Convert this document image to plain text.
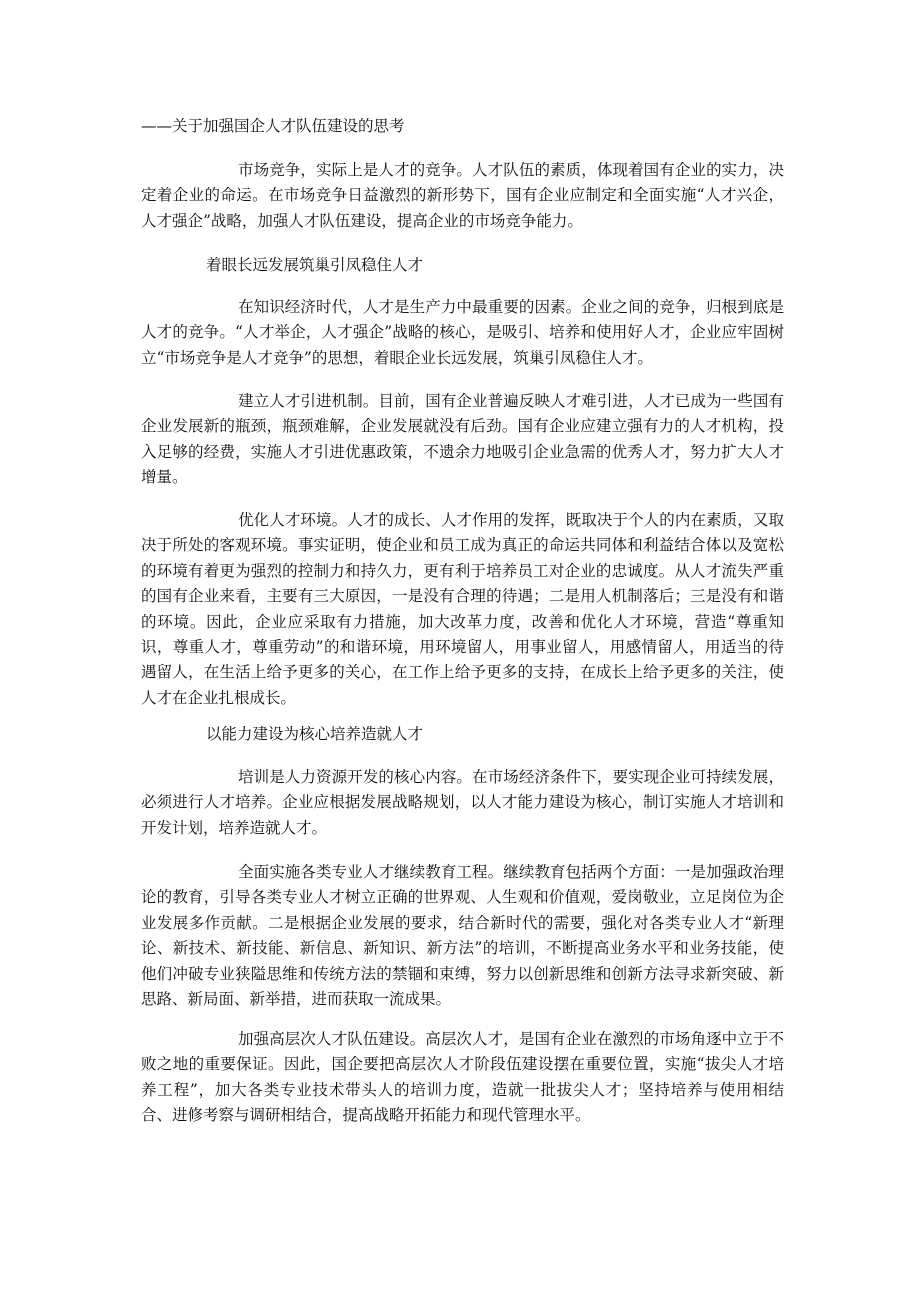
——关于加强国企人才队伍建设的思考

市场竞争，实际上是人才的竞争。人才队伍的素质，体现着国有企业的实力，决定着企业的命运。在市场竞争日益激烈的新形势下，国有企业应制定和全面实施“人才兴企，人才强企”战略，加强人才队伍建设，提高企业的市场竞争能力。

着眼长远发展筑巢引凤稳住人才

在知识经济时代，人才是生产力中最重要的因素。企业之间的竞争，归根到底是人才的竞争。“人才举企，人才强企”战略的核心，是吸引、培养和使用好人才，企业应牢固树立“市场竞争是人才竞争”的思想，着眼企业长远发展，筑巢引凤稳住人才。

建立人才引进机制。目前，国有企业普遍反映人才难引进，人才已成为一些国有企业发展新的瓶颈，瓶颈难解，企业发展就没有后劲。国有企业应建立强有力的人才机构，投入足够的经费，实施人才引进优惠政策，不遗余力地吸引企业急需的优秀人才，努力扩大人才增量。

优化人才环境。人才的成长、人才作用的发挥，既取决于个人的内在素质，又取决于所处的客观环境。事实证明，使企业和员工成为真正的命运共同体和利益结合体以及宽松的环境有着更为强烈的控制力和持久力，更有利于培养员工对企业的忠诚度。从人才流失严重的国有企业来看，主要有三大原因，一是没有合理的待遇；二是用人机制落后；三是没有和谐的环境。因此，企业应采取有力措施，加大改革力度，改善和优化人才环境，营造“尊重知识，尊重人才，尊重劳动”的和谐环境，用环境留人，用事业留人，用感情留人，用适当的待遇留人，在生活上给予更多的关心，在工作上给予更多的支持，在成长上给予更多的关注，使人才在企业扎根成长。

以能力建设为核心培养造就人才

培训是人力资源开发的核心内容。在市场经济条件下，要实现企业可持续发展，必须进行人才培养。企业应根据发展战略规划，以人才能力建设为核心，制订实施人才培训和开发计划，培养造就人才。

全面实施各类专业人才继续教育工程。继续教育包括两个方面：一是加强政治理论的教育，引导各类专业人才树立正确的世界观、人生观和价值观，爱岗敬业，立足岗位为企业发展多作贡献。二是根据企业发展的要求，结合新时代的需要，强化对各类专业人才“新理论、新技术、新技能、新信息、新知识、新方法”的培训，不断提高业务水平和业务技能，使他们冲破专业狭隘思维和传统方法的禁锢和束缚，努力以创新思维和创新方法寻求新突破、新思路、新局面、新举措，进而获取一流成果。

加强高层次人才队伍建设。高层次人才，是国有企业在激烈的市场角逐中立于不败之地的重要保证。因此，国企要把高层次人才阶段伍建设摆在重要位置，实施“拔尖人才培养工程”，加大各类专业技术带头人的培训力度，造就一批拔尖人才；坚持培养与使用相结合、进修考察与调研相结合，提高战略开拓能力和现代管理水平。
